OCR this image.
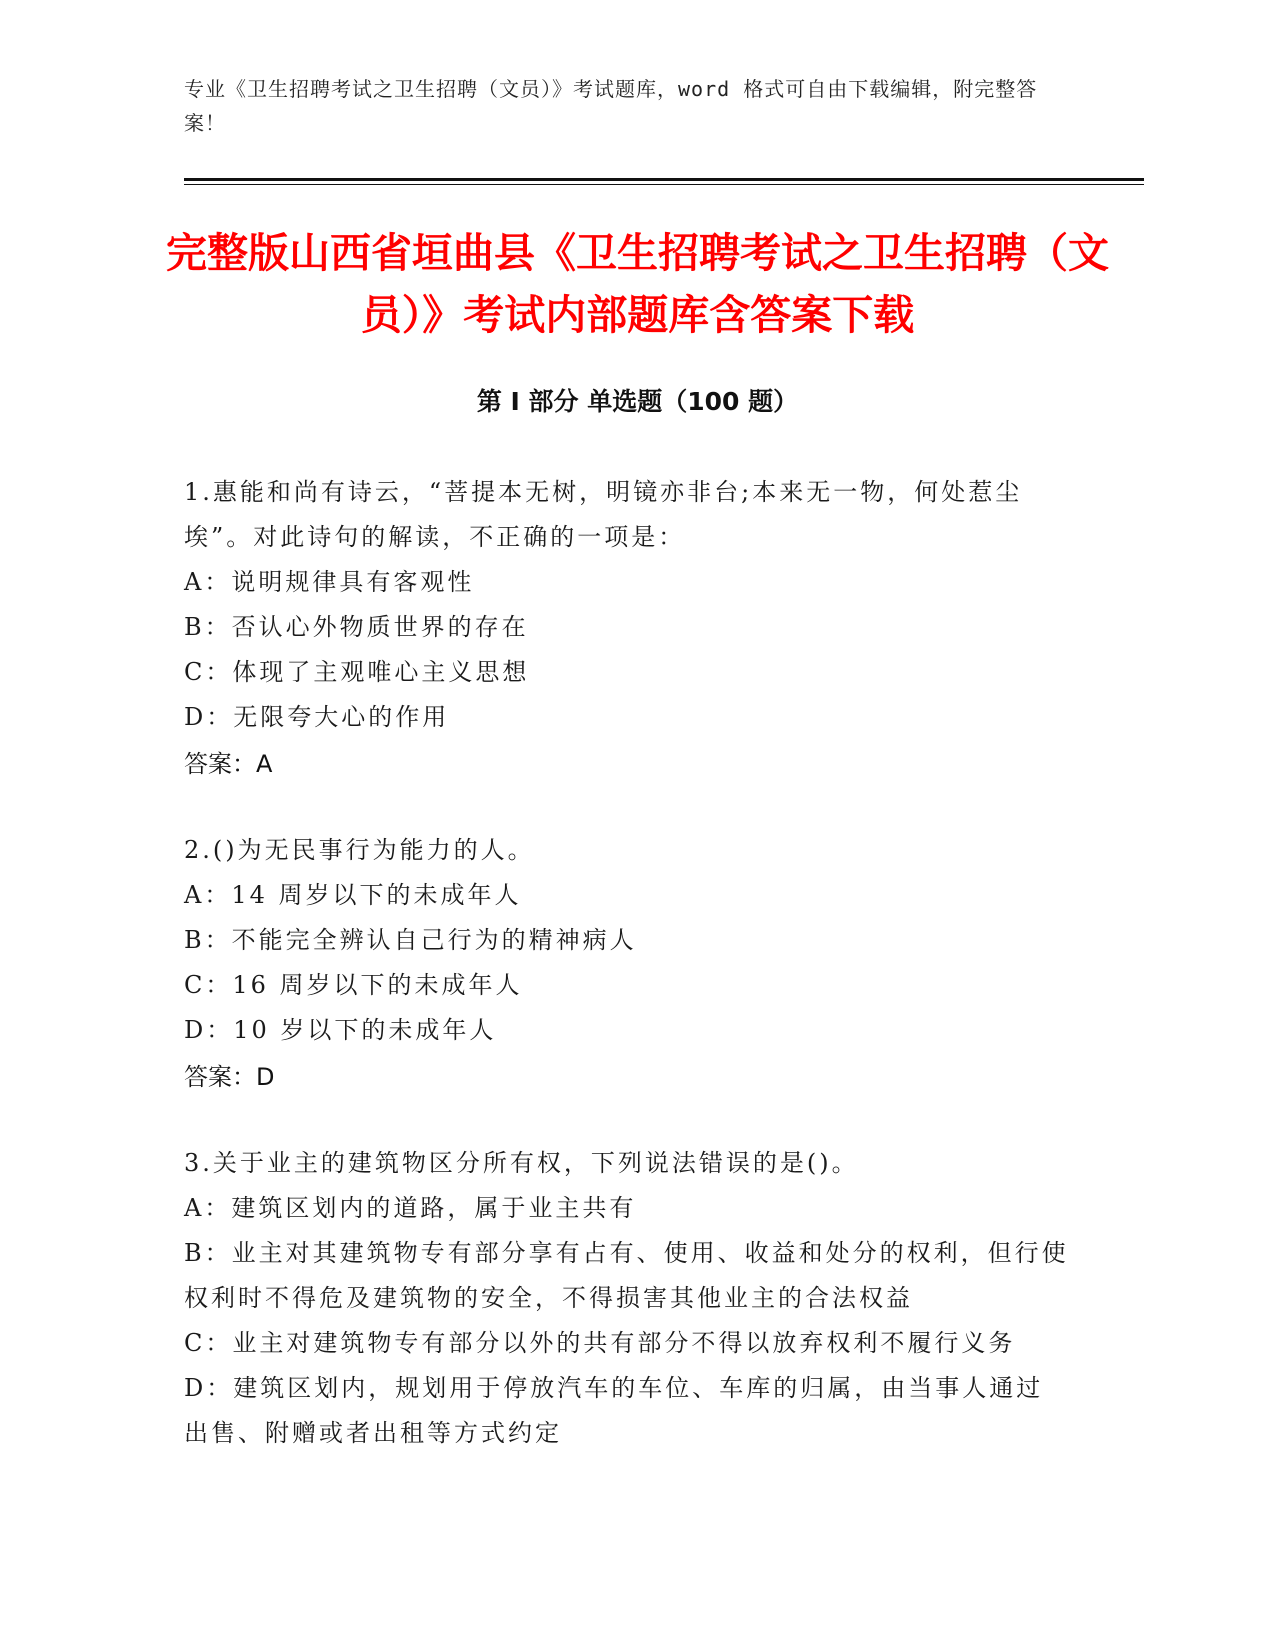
专业《卫生招聘考试之卫生招聘（文员）》考试题库，word 格式可自由下载编辑，附完整答案！
完整版山西省垣曲县《卫生招聘考试之卫生招聘（文员）》考试内部题库含答案下载
第 I 部分 单选题（100 题）
1.惠能和尚有诗云，“菩提本无树，明镜亦非台;本来无一物，何处惹尘埃”。对此诗句的解读，不正确的一项是：
A：说明规律具有客观性
B：否认心外物质世界的存在
C：体现了主观唯心主义思想
D：无限夸大心的作用
答案：A
2.()为无民事行为能力的人。
A：14 周岁以下的未成年人
B：不能完全辨认自己行为的精神病人
C：16 周岁以下的未成年人
D：10 岁以下的未成年人
答案：D
3.关于业主的建筑物区分所有权，下列说法错误的是()。
A：建筑区划内的道路，属于业主共有
B：业主对其建筑物专有部分享有占有、使用、收益和处分的权利，但行使权利时不得危及建筑物的安全，不得损害其他业主的合法权益
C：业主对建筑物专有部分以外的共有部分不得以放弃权利不履行义务
D：建筑区划内，规划用于停放汽车的车位、车库的归属，由当事人通过出售、附赠或者出租等方式约定
